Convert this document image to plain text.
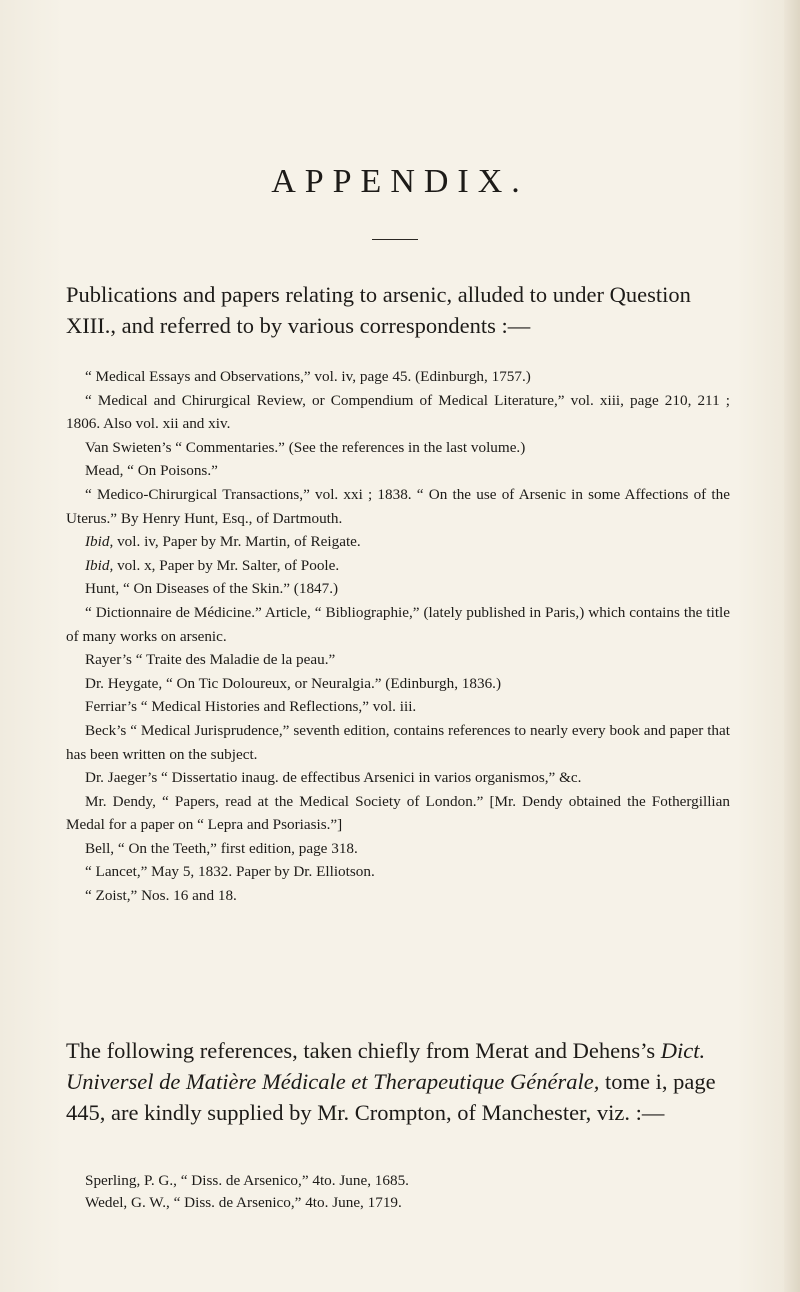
APPENDIX.

Publications and papers relating to arsenic, alluded to under Question XIII., and referred to by various correspondents :—

“ Medical Essays and Observations,” vol. iv, page 45. (Edinburgh, 1757.)

“ Medical and Chirurgical Review, or Compendium of Medical Literature,” vol. xiii, page 210, 211 ; 1806. Also vol. xii and xiv.

Van Swieten’s “ Commentaries.” (See the references in the last volume.)

Mead, “ On Poisons.”

“ Medico-Chirurgical Transactions,” vol. xxi ; 1838. “ On the use of Arsenic in some Affections of the Uterus.” By Henry Hunt, Esq., of Dartmouth.

Ibid, vol. iv, Paper by Mr. Martin, of Reigate.

Ibid, vol. x, Paper by Mr. Salter, of Poole.

Hunt, “ On Diseases of the Skin.” (1847.)

“ Dictionnaire de Médicine.” Article, “ Bibliographie,” (lately published in Paris,) which contains the title of many works on arsenic.

Rayer’s “ Traite des Maladie de la peau.”

Dr. Heygate, “ On Tic Doloureux, or Neuralgia.” (Edinburgh, 1836.)

Ferriar’s “ Medical Histories and Reflections,” vol. iii.

Beck’s “ Medical Jurisprudence,” seventh edition, contains references to nearly every book and paper that has been written on the subject.

Dr. Jaeger’s “ Dissertatio inaug. de effectibus Arsenici in varios organismos,” &c.

Mr. Dendy, “ Papers, read at the Medical Society of London.” [Mr. Dendy obtained the Fothergillian Medal for a paper on “ Lepra and Psoriasis.”]

Bell, “ On the Teeth,” first edition, page 318.

“ Lancet,” May 5, 1832. Paper by Dr. Elliotson.

“ Zoist,” Nos. 16 and 18.

The following references, taken chiefly from Merat and Dehens’s Dict. Universel de Matière Médicale et Therapeutique Générale, tome i, page 445, are kindly supplied by Mr. Crompton, of Manchester, viz. :—

Sperling, P. G., “ Diss. de Arsenico,” 4to. June, 1685.

Wedel, G. W., “ Diss. de Arsenico,” 4to. June, 1719.
